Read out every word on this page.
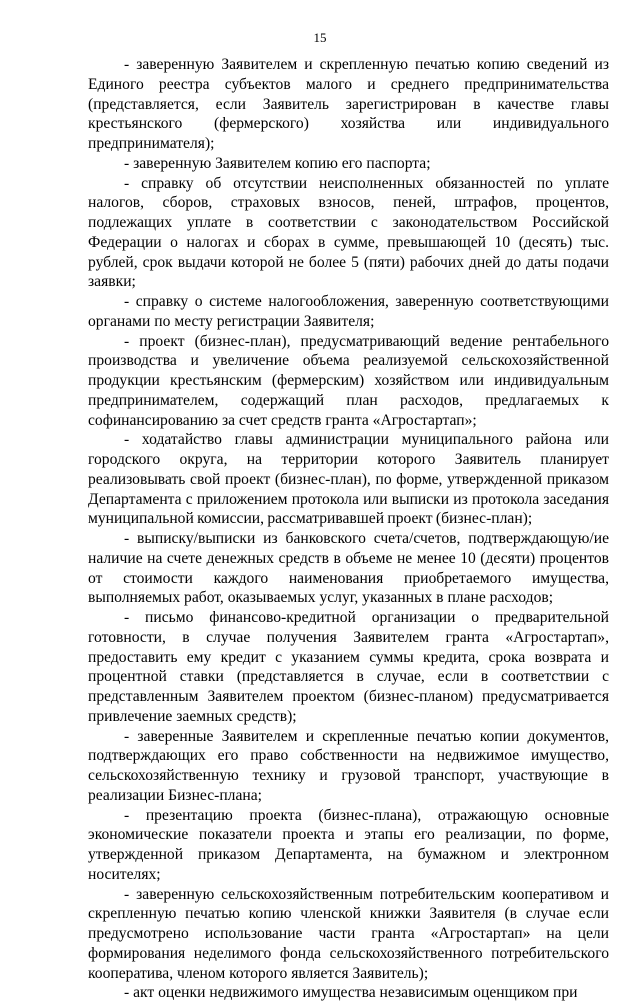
15

- заверенную Заявителем и скрепленную печатью копию сведений из Единого реестра субъектов малого и среднего предпринимательства (представляется, если Заявитель зарегистрирован в качестве главы крестьянского (фермерского) хозяйства или индивидуального предпринимателя);

- заверенную Заявителем копию его паспорта;

- справку об отсутствии неисполненных обязанностей по уплате налогов, сборов, страховых взносов, пеней, штрафов, процентов, подлежащих уплате в соответствии с законодательством Российской Федерации о налогах и сборах в сумме, превышающей 10 (десять) тыс. рублей, срок выдачи которой не более 5 (пяти) рабочих дней до даты подачи заявки;

- справку о системе налогообложения, заверенную соответствующими органами по месту регистрации Заявителя;

- проект (бизнес-план), предусматривающий ведение рентабельного производства и увеличение объема реализуемой сельскохозяйственной продукции крестьянским (фермерским) хозяйством или индивидуальным предпринимателем, содержащий план расходов, предлагаемых к софинансированию за счет средств гранта «Агростартап»;

- ходатайство главы администрации муниципального района или городского округа, на территории которого Заявитель планирует реализовывать свой проект (бизнес-план), по форме, утвержденной приказом Департамента с приложением протокола или выписки из протокола заседания муниципальной комиссии, рассматривавшей проект (бизнес-план);

- выписку/выписки из банковского счета/счетов, подтверждающую/ие наличие на счете денежных средств в объеме не менее 10 (десяти) процентов от стоимости каждого наименования приобретаемого имущества, выполняемых работ, оказываемых услуг, указанных в плане расходов;

- письмо финансово-кредитной организации о предварительной готовности, в случае получения Заявителем гранта «Агростартап», предоставить ему кредит с указанием суммы кредита, срока возврата и процентной ставки (представляется в случае, если в соответствии с представленным Заявителем проектом (бизнес-планом) предусматривается привлечение заемных средств);

- заверенные Заявителем и скрепленные печатью копии документов, подтверждающих его право собственности на недвижимое имущество, сельскохозяйственную технику и грузовой транспорт, участвующие в реализации Бизнес-плана;

- презентацию проекта (бизнес-плана), отражающую основные экономические показатели проекта и этапы его реализации, по форме, утвержденной приказом Департамента, на бумажном и электронном носителях;

- заверенную сельскохозяйственным потребительским кооперативом и скрепленную печатью копию членской книжки Заявителя (в случае если предусмотрено использование части гранта «Агростартап» на цели формирования неделимого фонда сельскохозяйственного потребительского кооператива, членом которого является Заявитель);

- акт оценки недвижимого имущества независимым оценщиком при
